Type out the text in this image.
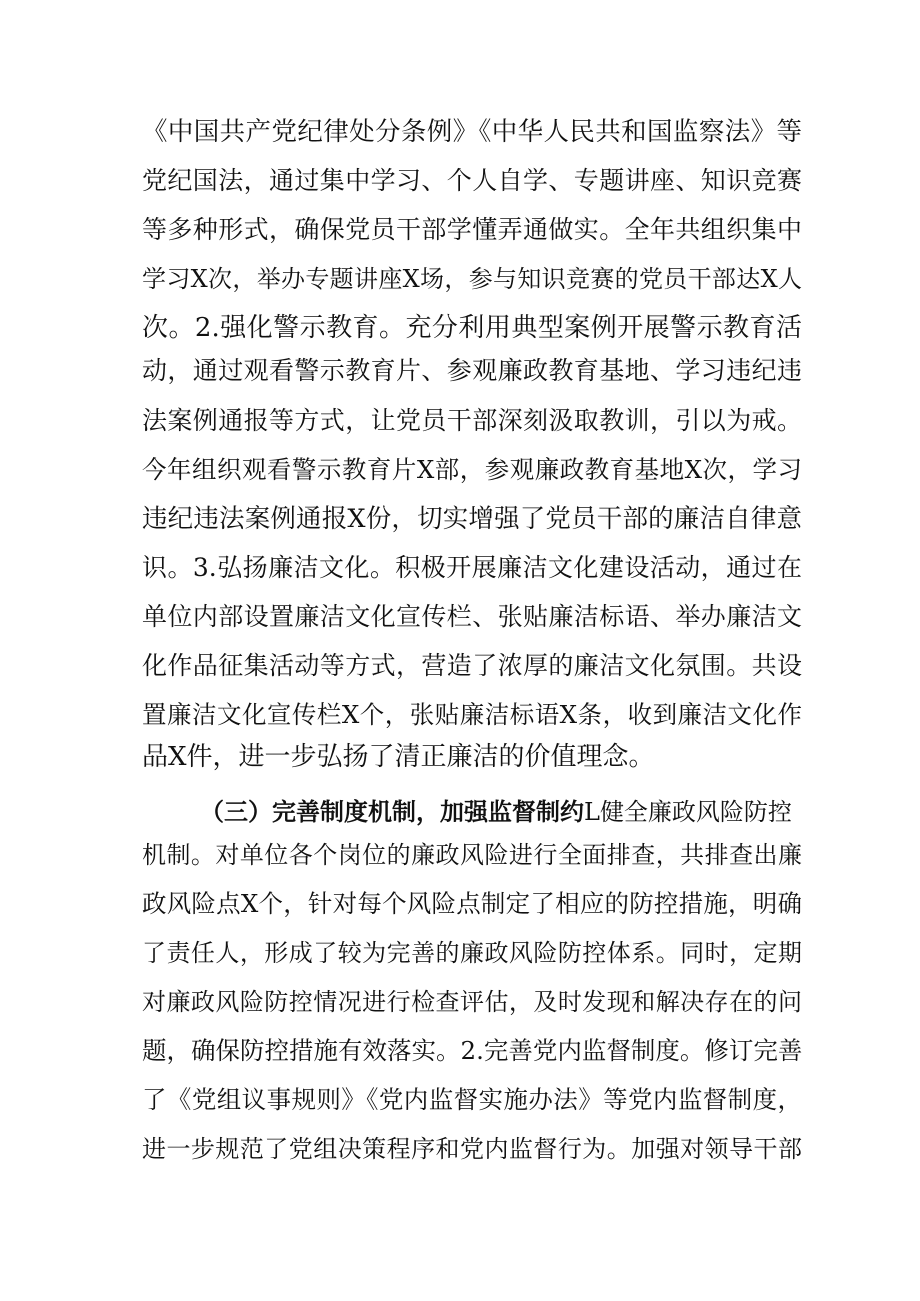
《中国共产党纪律处分条例》《中华人民共和国监察法》等
党纪国法，通过集中学习、个人自学、专题讲座、知识竞赛
等多种形式，确保党员干部学懂弄通做实。全年共组织集中
学习X次，举办专题讲座X场，参与知识竞赛的党员干部达X人
次。2.强化警示教育。充分利用典型案例开展警示教育活
动，通过观看警示教育片、参观廉政教育基地、学习违纪违
法案例通报等方式，让党员干部深刻汲取教训，引以为戒。
今年组织观看警示教育片X部，参观廉政教育基地X次，学习
违纪违法案例通报X份，切实增强了党员干部的廉洁自律意
识。3.弘扬廉洁文化。积极开展廉洁文化建设活动，通过在
单位内部设置廉洁文化宣传栏、张贴廉洁标语、举办廉洁文
化作品征集活动等方式，营造了浓厚的廉洁文化氛围。共设
置廉洁文化宣传栏X个，张贴廉洁标语X条，收到廉洁文化作
品X件，进一步弘扬了清正廉洁的价值理念。
（三）完善制度机制，加强监督制约L健全廉政风险防控
机制。对单位各个岗位的廉政风险进行全面排查，共排查出廉
政风险点X个，针对每个风险点制定了相应的防控措施，明确
了责任人，形成了较为完善的廉政风险防控体系。同时，定期
对廉政风险防控情况进行检查评估，及时发现和解决存在的问
题，确保防控措施有效落实。2.完善党内监督制度。修订完善
了《党组议事规则》《党内监督实施办法》等党内监督制度，
进一步规范了党组决策程序和党内监督行为。加强对领导干部
